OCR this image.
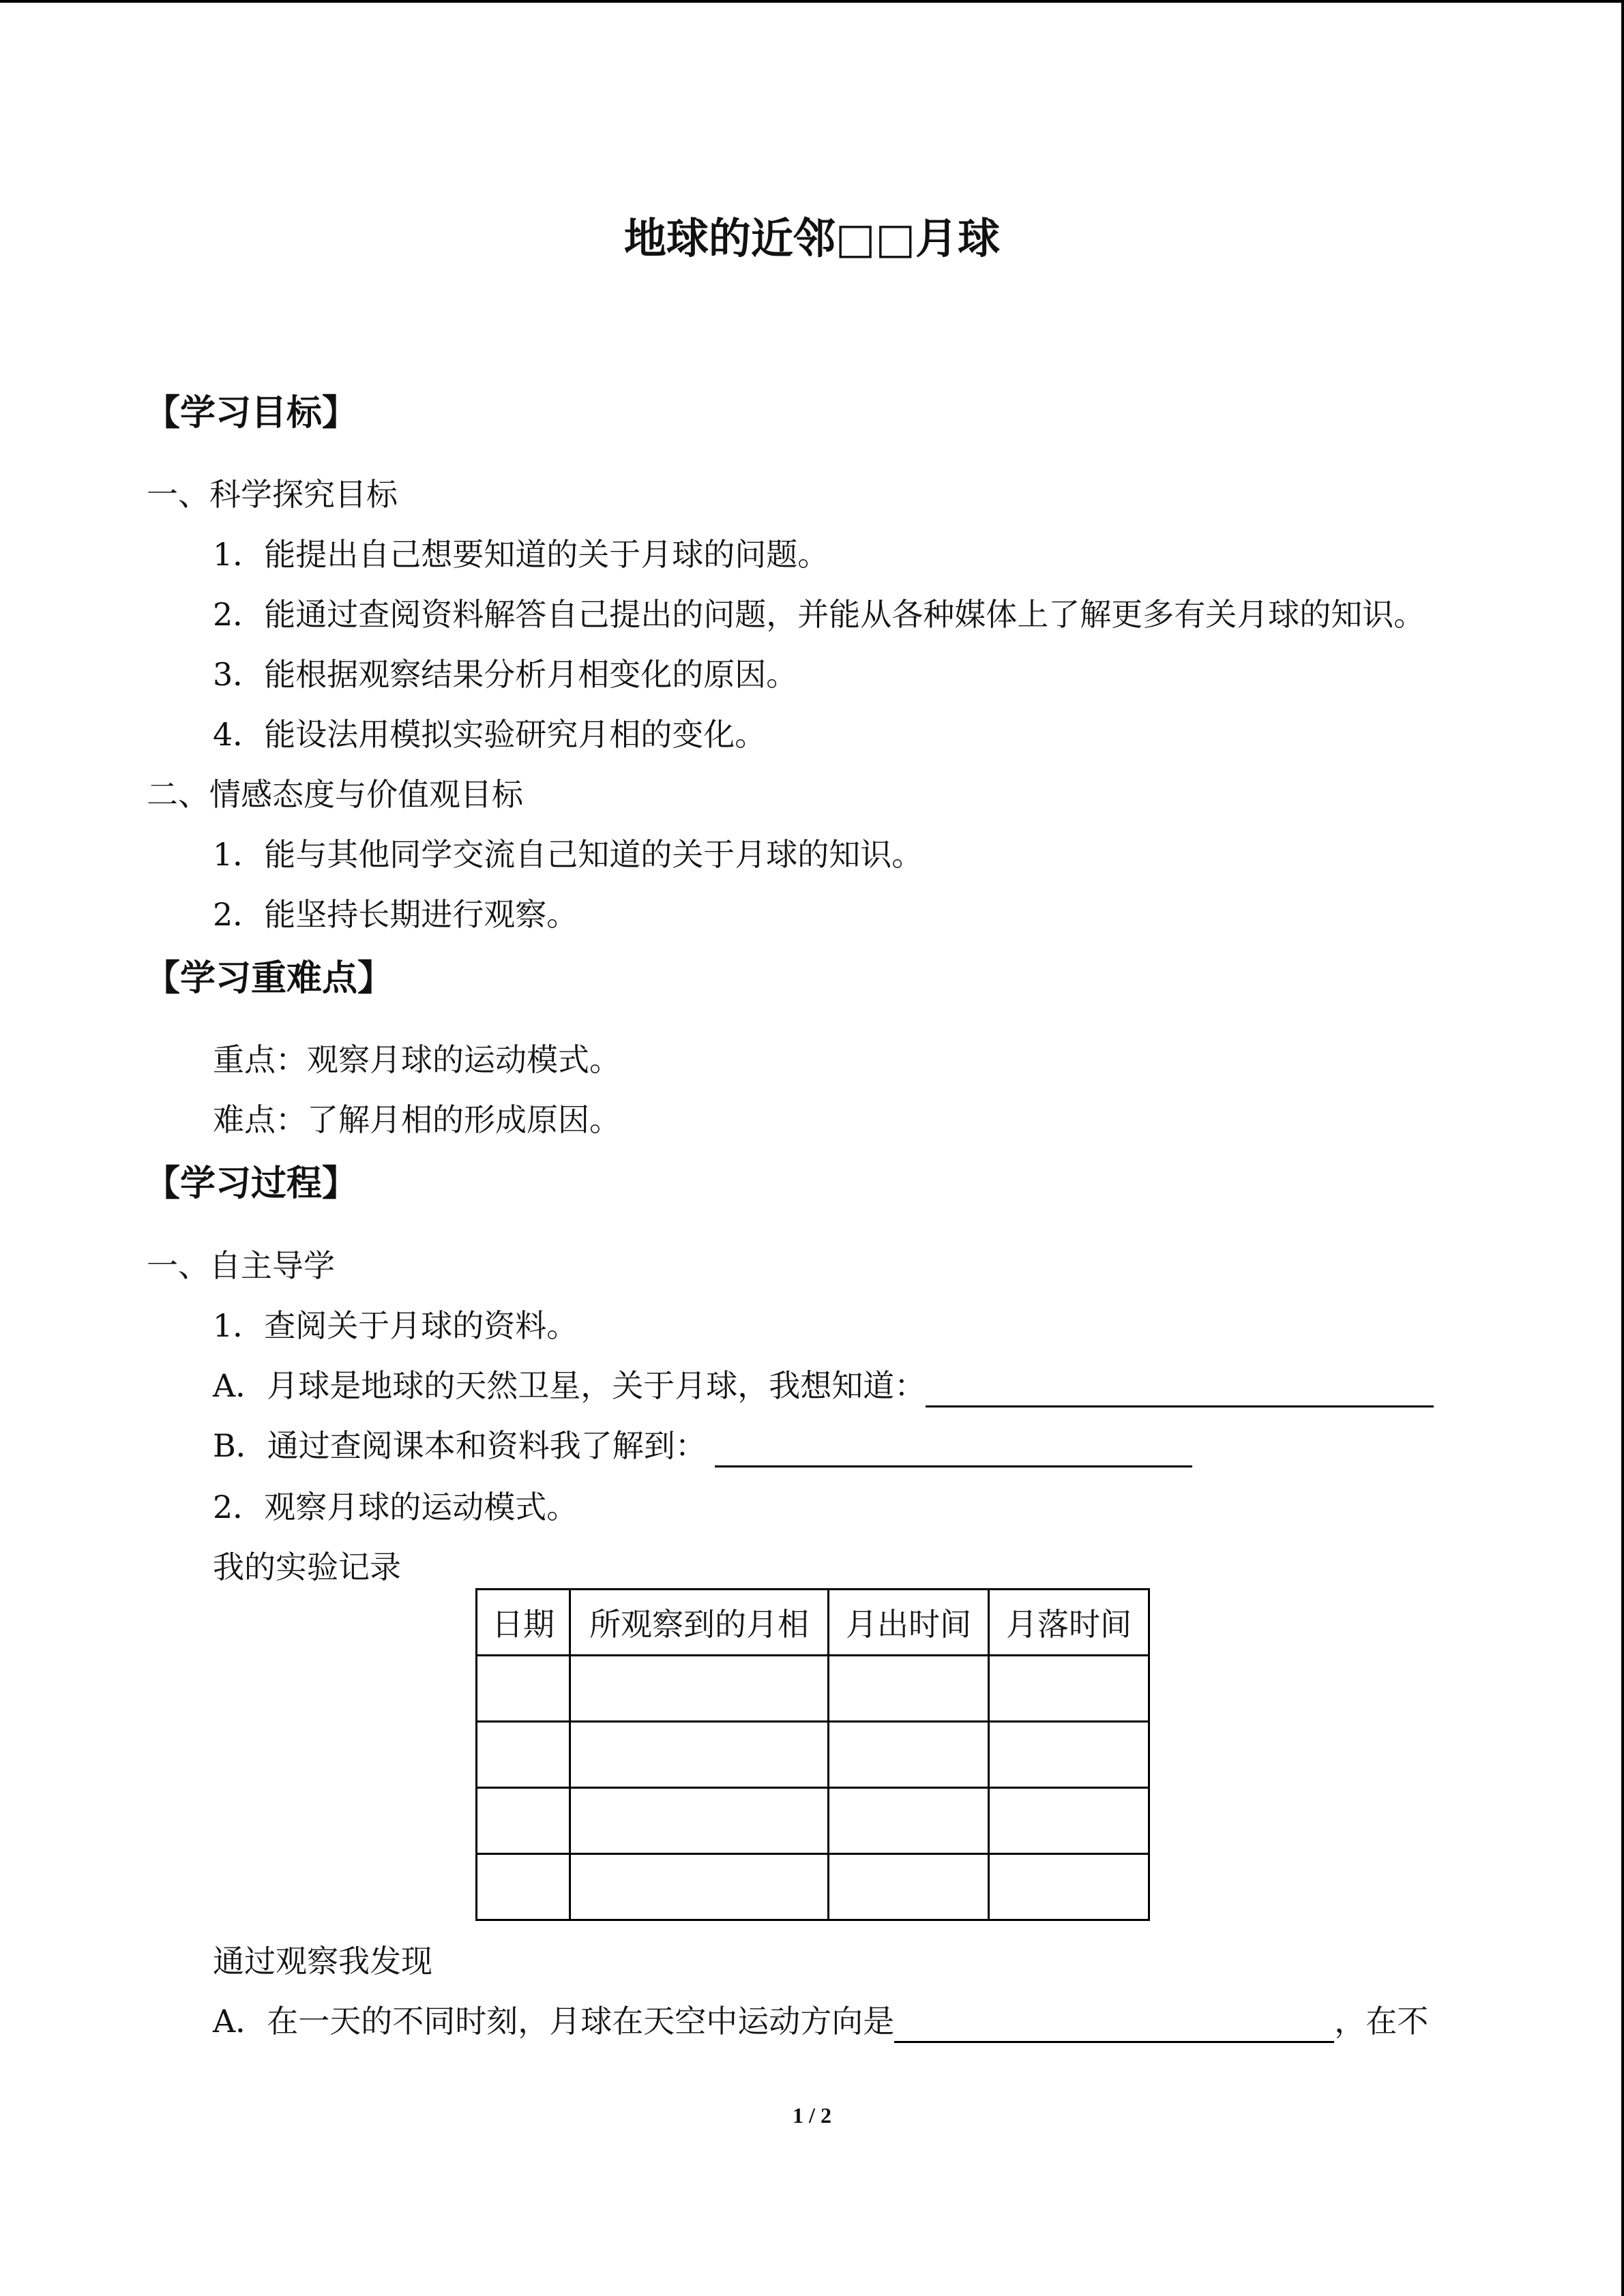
地球的近邻□□月球
【学习目标】
一、科学探究目标
1．能提出自己想要知道的关于月球的问题。
2．能通过查阅资料解答自己提出的问题，并能从各种媒体上了解更多有关月球的知识。
3．能根据观察结果分析月相变化的原因。
4．能设法用模拟实验研究月相的变化。
二、情感态度与价值观目标
1．能与其他同学交流自己知道的关于月球的知识。
2．能坚持长期进行观察。
【学习重难点】
重点：观察月球的运动模式。
难点：了解月相的形成原因。
【学习过程】
一、自主导学
1．查阅关于月球的资料。
A．月球是地球的天然卫星，关于月球，我想知道：
B．通过查阅课本和资料我了解到：
2．观察月球的运动模式。
我的实验记录
日期	所观察到的月相	月出时间	月落时间

通过观察我发现
A．在一天的不同时刻，月球在天空中运动方向是	，在不
1 / 2
